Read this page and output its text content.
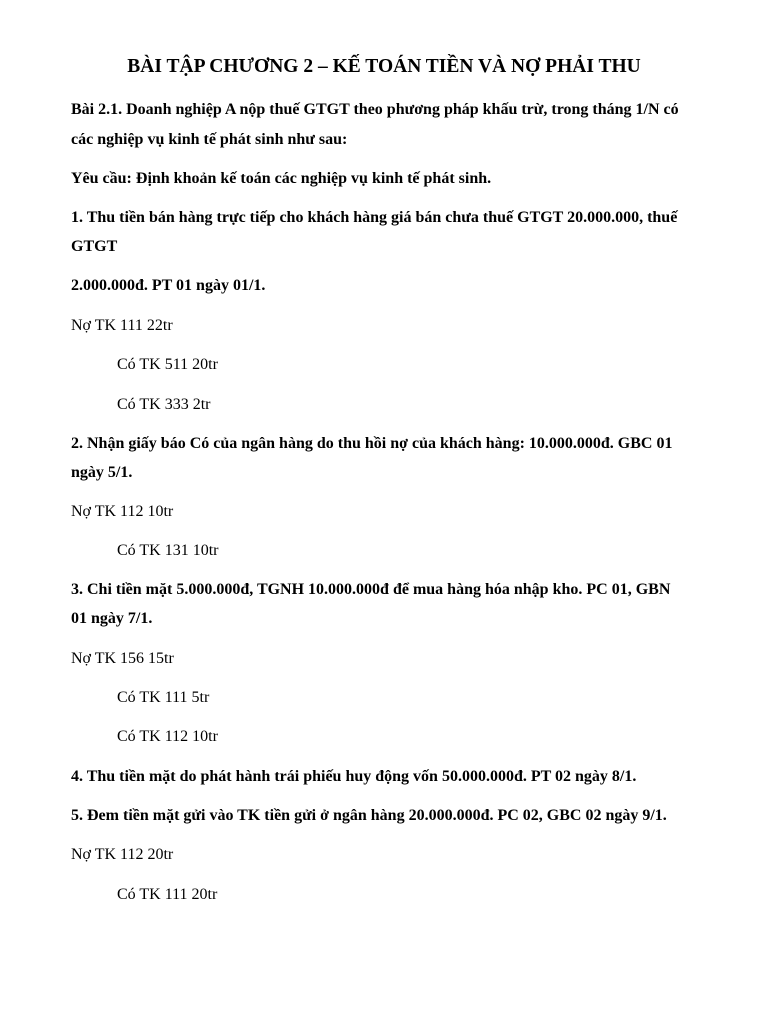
BÀI TẬP CHƯƠNG 2 – KẾ TOÁN TIỀN VÀ NỢ PHẢI THU
Bài 2.1. Doanh nghiệp A nộp thuế GTGT theo phương pháp khấu trừ, trong tháng 1/N có
các nghiệp vụ kinh tế phát sinh như sau:
Yêu cầu: Định khoản kế toán các nghiệp vụ kinh tế phát sinh.
1. Thu tiền bán hàng trực tiếp cho khách hàng giá bán chưa thuế GTGT 20.000.000, thuế
GTGT
2.000.000đ. PT 01 ngày 01/1.
Nợ TK 111 22tr
Có TK 511 20tr
Có TK 333 2tr
2. Nhận giấy báo Có của ngân hàng do thu hồi nợ của khách hàng: 10.000.000đ. GBC 01
ngày 5/1.
Nợ TK 112 10tr
Có TK 131 10tr
3. Chi tiền mặt 5.000.000đ, TGNH 10.000.000đ để mua hàng hóa nhập kho. PC 01, GBN
01 ngày 7/1.
Nợ TK 156 15tr
Có TK 111 5tr
Có TK 112 10tr
4. Thu tiền mặt do phát hành trái phiếu huy động vốn 50.000.000đ. PT 02 ngày 8/1.
5. Đem tiền mặt gửi vào TK tiền gửi ở ngân hàng 20.000.000đ. PC 02, GBC 02 ngày 9/1.
Nợ TK 112 20tr
Có TK 111 20tr
